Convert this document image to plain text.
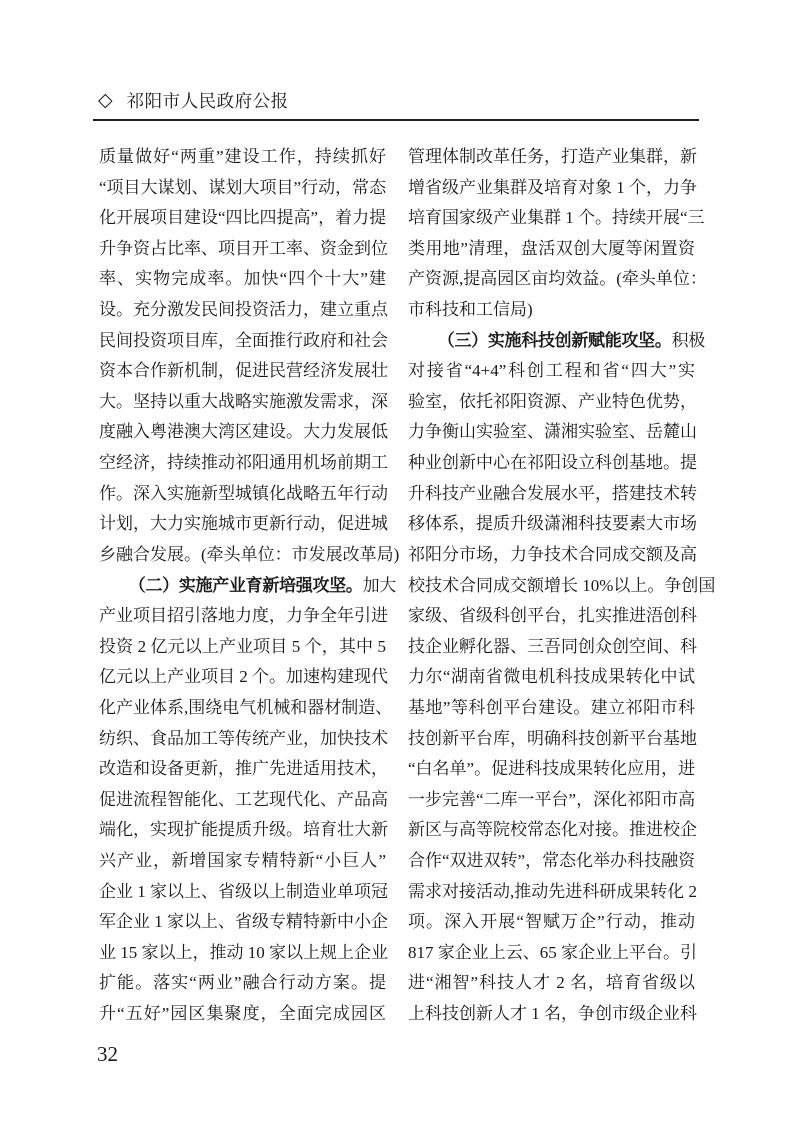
◇ 祁阳市人民政府公报
质量做好“两重”建设工作，持续抓好
“项目大谋划、谋划大项目”行动，常态
化开展项目建设“四比四提高”，着力提
升争资占比率、项目开工率、资金到位
率、实物完成率。加快“四个十大”建
设。充分激发民间投资活力，建立重点
民间投资项目库，全面推行政府和社会
资本合作新机制，促进民营经济发展壮
大。坚持以重大战略实施激发需求，深
度融入粤港澳大湾区建设。大力发展低
空经济，持续推动祁阳通用机场前期工
作。深入实施新型城镇化战略五年行动
计划，大力实施城市更新行动，促进城
乡融合发展。(牵头单位：市发展改革局)
（二）实施产业育新培强攻坚。加大
产业项目招引落地力度，力争全年引进
投资 2 亿元以上产业项目 5 个，其中 5
亿元以上产业项目 2 个。加速构建现代
化产业体系,围绕电气机械和器材制造、
纺织、食品加工等传统产业，加快技术
改造和设备更新，推广先进适用技术，
促进流程智能化、工艺现代化、产品高
端化，实现扩能提质升级。培育壮大新
兴产业，新增国家专精特新“小巨人”
企业 1 家以上、省级以上制造业单项冠
军企业 1 家以上、省级专精特新中小企
业 15 家以上，推动 10 家以上规上企业
扩能。落实“两业”融合行动方案。提
升“五好”园区集聚度，全面完成园区
管理体制改革任务，打造产业集群，新
增省级产业集群及培育对象 1 个，力争
培育国家级产业集群 1 个。持续开展“三
类用地”清理，盘活双创大厦等闲置资
产资源,提高园区亩均效益。(牵头单位：
市科技和工信局)
（三）实施科技创新赋能攻坚。积极
对接省“4+4”科创工程和省“四大”实
验室，依托祁阳资源、产业特色优势，
力争衡山实验室、潇湘实验室、岳麓山
种业创新中心在祁阳设立科创基地。提
升科技产业融合发展水平，搭建技术转
移体系，提质升级潇湘科技要素大市场
祁阳分市场，力争技术合同成交额及高
校技术合同成交额增长 10%以上。争创国
家级、省级科创平台，扎实推进浯创科
技企业孵化器、三吾同创众创空间、科
力尔“湖南省微电机科技成果转化中试
基地”等科创平台建设。建立祁阳市科
技创新平台库，明确科技创新平台基地
“白名单”。促进科技成果转化应用，进
一步完善“二库一平台”，深化祁阳市高
新区与高等院校常态化对接。推进校企
合作“双进双转”，常态化举办科技融资
需求对接活动,推动先进科研成果转化 2
项。深入开展“智赋万企”行动，推动
817 家企业上云、65 家企业上平台。引
进“湘智”科技人才 2 名，培育省级以
上科技创新人才 1 名，争创市级企业科
32
